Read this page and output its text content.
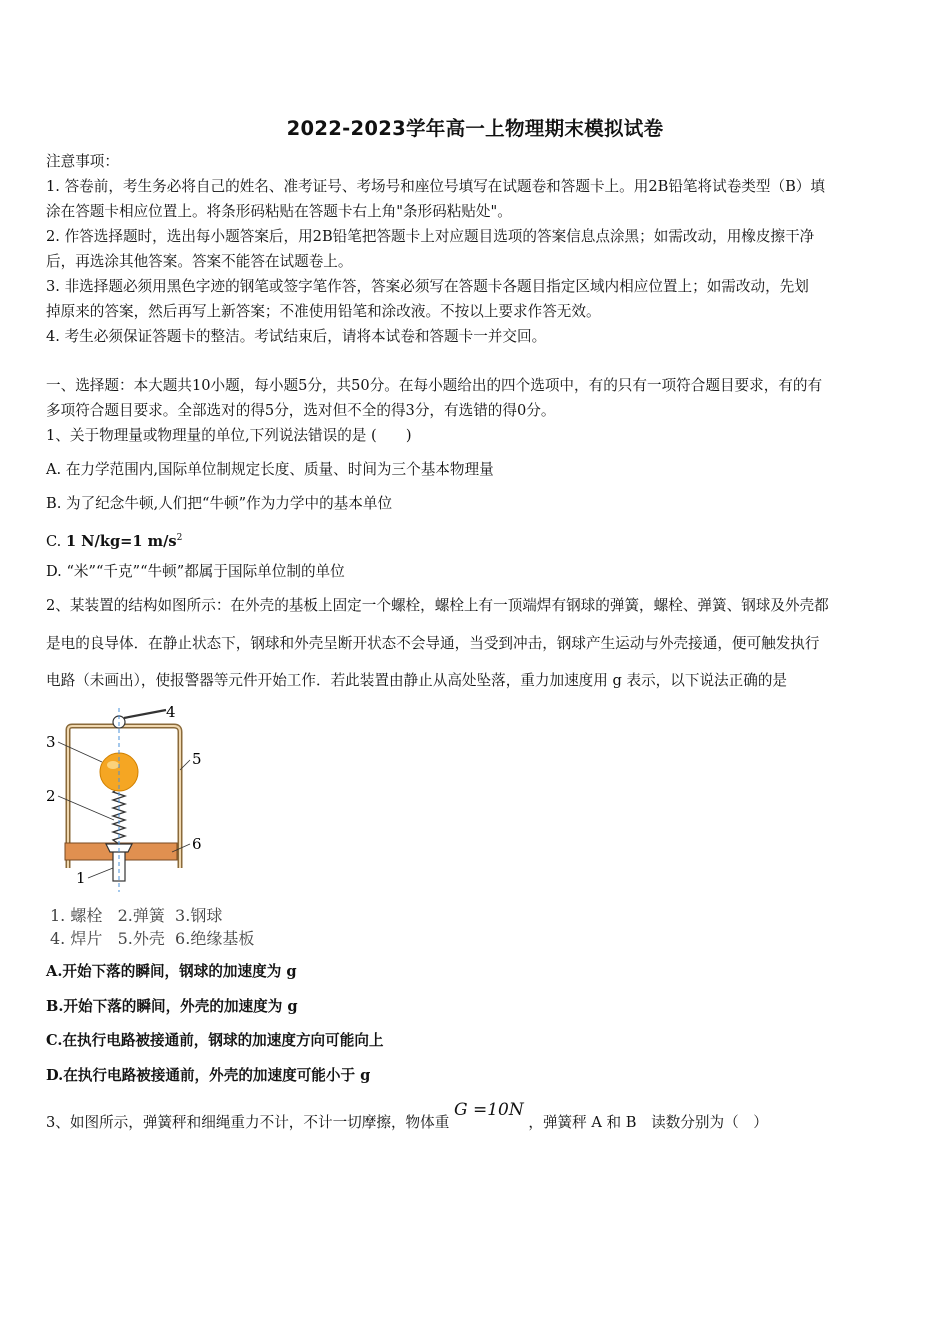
2022-2023学年高一上物理期末模拟试卷
注意事项：
1. 答卷前，考生务必将自己的姓名、准考证号、考场号和座位号填写在试题卷和答题卡上。用2B铅笔将试卷类型（B）填
涂在答题卡相应位置上。将条形码粘贴在答题卡右上角"条形码粘贴处"。
2. 作答选择题时，选出每小题答案后，用2B铅笔把答题卡上对应题目选项的答案信息点涂黑；如需改动，用橡皮擦干净
后，再选涂其他答案。答案不能答在试题卷上。
3. 非选择题必须用黑色字迹的钢笔或签字笔作答，答案必须写在答题卡各题目指定区域内相应位置上；如需改动，先划
掉原来的答案，然后再写上新答案；不准使用铅笔和涂改液。不按以上要求作答无效。
4. 考生必须保证答题卡的整洁。考试结束后，请将本试卷和答题卡一并交回。
一、选择题：本大题共10小题，每小题5分，共50分。在每小题给出的四个选项中，有的只有一项符合题目要求，有的有
多项符合题目要求。全部选对的得5分，选对但不全的得3分，有选错的得0分。
1、关于物理量或物理量的单位,下列说法错误的是 (　　)
A. 在力学范围内,国际单位制规定长度、质量、时间为三个基本物理量
B. 为了纪念牛顿,人们把“牛顿”作为力学中的基本单位
C. 1 N/kg=1 $m/s^2$
D. “米”“千克”“牛顿”都属于国际单位制的单位
2、某装置的结构如图所示：在外壳的基板上固定一个螺栓，螺栓上有一顶端焊有钢球的弹簧，螺栓、弹簧、钢球及外壳都
是电的良导体．在静止状态下，钢球和外壳呈断开状态不会导通，当受到冲击，钢球产生运动与外壳接通，便可触发执行
电路（未画出），使报警器等元件开始工作．若此装置由静止从高处坠落，重力加速度用 g 表示，以下说法正确的是
4
3
5
2
6
1
1. 螺栓   2.弹簧  3.钢球
4. 焊片   5.外壳  6.绝缘基板
A.开始下落的瞬间，钢球的加速度为 g
B.开始下落的瞬间，外壳的加速度为 g
C.在执行电路被接通前，钢球的加速度方向可能向上
D.在执行电路被接通前，外壳的加速度可能小于 g
3、如图所示，弹簧秤和细绳重力不计，不计一切摩擦，物体重 G =10N ，弹簧秤 A 和 B　读数分别为（　）
